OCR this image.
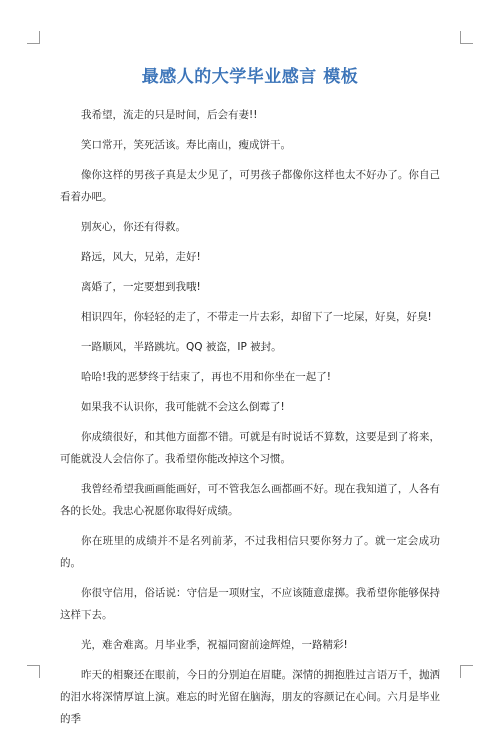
最感人的大学毕业感言 模板

我希望，流走的只是时间，后会有妻!!

笑口常开，笑死活该。寿比南山，瘦成饼干。

像你这样的男孩子真是太少见了，可男孩子都像你这样也太不好办了。你自己看着办吧。

别灰心，你还有得救。

路远，风大，兄弟，走好!

离婚了，一定要想到我哦!

相识四年，你轻轻的走了，不带走一片去彩，却留下了一坨屎，好臭，好臭!

一路顺风，半路跳坑。QQ 被盗，IP 被封。

哈哈!我的恶梦终于结束了，再也不用和你坐在一起了!

如果我不认识你，我可能就不会这么倒霉了!

你成绩很好，和其他方面都不错。可就是有时说话不算数，这要是到了将来，可能就没人会信你了。我希望你能改掉这个习惯。

我曾经希望我画画能画好，可不管我怎么画都画不好。现在我知道了，人各有各的长处。我忠心祝愿你取得好成绩。

你在班里的成绩并不是名列前茅，不过我相信只要你努力了。就一定会成功的。

你很守信用，俗话说：守信是一项财宝，不应该随意虚掷。我希望你能够保持这样下去。

光，难舍难离。月毕业季，祝福同窗前途辉煌，一路精彩!

昨天的相聚还在眼前，今日的分别迫在眉睫。深情的拥抱胜过言语万千，抛洒的泪水将深情厚谊上演。难忘的时光留在脑海，朋友的容颜记在心间。六月是毕业的季
